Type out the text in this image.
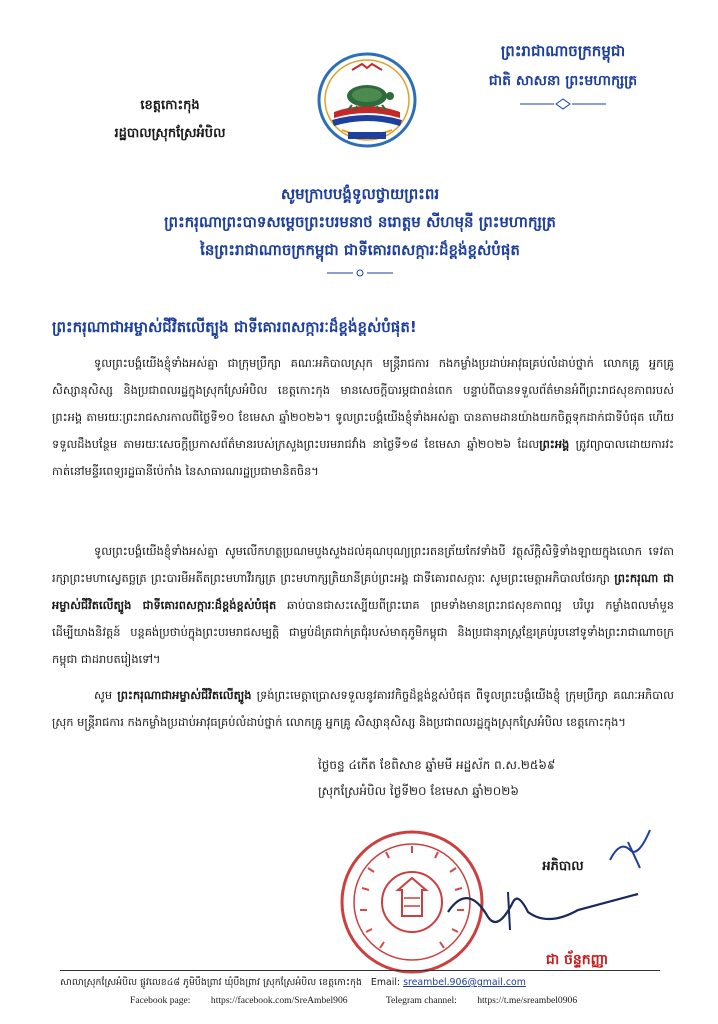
ព្រះរាជាណាចក្រកម្ពុជា
ជាតិ សាសនា ព្រះមហាក្សត្រ
ខេត្តកោះកុង
រដ្ឋបាលស្រុកស្រែអំបិល
សូមក្រាបបង្គំទូលថ្វាយព្រះពរ
ព្រះករុណាព្រះបាទសម្តេចព្រះបរមនាថ នរោត្តម សីហមុនី ព្រះមហាក្សត្រ
នៃព្រះរាជាណាចក្រកម្ពុជា ជាទីគោរពសក្ការៈដ៏ខ្ពង់ខ្ពស់បំផុត
ព្រះករុណាជាអម្ចាស់ជីវិតលើត្បូង ជាទីគោរពសក្ការៈដ៏ខ្ពង់ខ្ពស់បំផុត!
ទូលព្រះបង្គំយើងខ្ញុំទាំងអស់គ្នា ជាក្រុមប្រឹក្សា គណៈអភិបាលស្រុក មន្ត្រីរាជការ កងកម្លាំងប្រដាប់អាវុធគ្រប់លំដាប់ថ្នាក់ លោកគ្រូ អ្នកគ្រូ សិស្សានុសិស្ស និងប្រជាពលរដ្ឋក្នុងស្រុកស្រែអំបិល ខេត្តកោះកុង មានសេចក្តីបារម្ភជាពន់ពេក បន្ទាប់ពីបានទទួលព័ត៌មានអំពីព្រះរាជសុខភាពរបស់ព្រះអង្គ តាមរយៈព្រះរាជសារកាលពីថ្ងៃទី១០ ខែមេសា ឆ្នាំ២០២៦។ ទូលព្រះបង្គំយើងខ្ញុំទាំងអស់គ្នា បានតាមដានយ៉ាងយកចិត្តទុកដាក់ជាទីបំផុត ហើយទទួលដឹងបន្ថែម តាមរយៈសេចក្តីប្រកាសព័ត៌មានរបស់ក្រសួងព្រះបរមរាជវាំង នាថ្ងៃទី១៨ ខែមេសា ឆ្នាំ២០២៦ ដែលព្រះអង្គ ត្រូវព្យាបាលដោយការវះកាត់នៅមន្ទីរពេទ្យរដ្ឋធានីប៉េកាំង នៃសាធារណរដ្ឋប្រជាមានិតចិន។
ទូលព្រះបង្គំយើងខ្ញុំទាំងអស់គ្នា សូមលើកហត្ថប្រណមបួងសួងដល់គុណបុណ្យព្រះរតនត្រ័យកែវទាំងបី វត្ថុស័ក្តិសិទ្ធិទាំងឡាយក្នុងលោក ទេវតារក្សាព្រះមហាស្វេតច្ឆត្រ ព្រះបារមីអតីតព្រះមហាវីរក្សត្រ ព្រះមហាក្សត្រិយានីគ្រប់ព្រះអង្គ ជាទីគោរពសក្ការៈ សូមព្រះមេត្តាអភិបាលថែរក្សា ព្រះករុណា ជាអម្ចាស់ជីវិតលើត្បូង ជាទីគោរពសក្ការៈដ៏ខ្ពង់ខ្ពស់បំផុត ឆាប់បានជាសះស្បើយពីព្រះរោគ ព្រមទាំងមានព្រះរាជសុខភាពល្អ បរិបូរ កម្លាំងពលមាំមួន ដើម្បីយាងនិវត្តន៍ បន្តគង់ប្រថាប់ក្នុងព្រះបរមរាជសម្បត្តិ ជាម្លប់ដ៏ត្រជាក់ត្រជុំរបស់មាតុភូមិកម្ពុជា និងប្រជានុរាស្ត្រខ្មែរគ្រប់រូបនៅទូទាំងព្រះរាជាណាចក្រកម្ពុជា ជាដរាបតរៀងទៅ។
សូម ព្រះករុណាជាអម្ចាស់ជីវិតលើត្បូង ទ្រង់ព្រះមេត្តាប្រោសទទួលនូវគារវកិច្ចដ៏ខ្ពង់ខ្ពស់បំផុត ពីទូលព្រះបង្គំយើងខ្ញុំ ក្រុមប្រឹក្សា គណៈអភិបាលស្រុក មន្ត្រីរាជការ កងកម្លាំងប្រដាប់អាវុធគ្រប់លំដាប់ថ្នាក់ លោកគ្រូ អ្នកគ្រូ សិស្សានុសិស្ស និងប្រជាពលរដ្ឋក្នុងស្រុកស្រែអំបិល ខេត្តកោះកុង។
ថ្ងៃចន្ទ ៤កើត ខែពិសាខ ឆ្នាំមមី អដ្ឋស័ក ព.ស.២៥៦៩
ស្រុកស្រែអំបិល ថ្ងៃទី២០ ខែមេសា ឆ្នាំ២០២៦
អភិបាល
ជា ច័ន្ទកញ្ញា
សាលាស្រុកស្រែអំបិល ផ្លូវលេខ៤៨ ភូមិបឹងព្រាវ ឃុំបឹងព្រាវ ស្រុកស្រែអំបិល ខេត្តកោះកុង Email: sreambel.906@gmail.com
Facebook page: https://facebook.com/SreAmbel906	Telegram channel: https://t.me/sreambel0906
